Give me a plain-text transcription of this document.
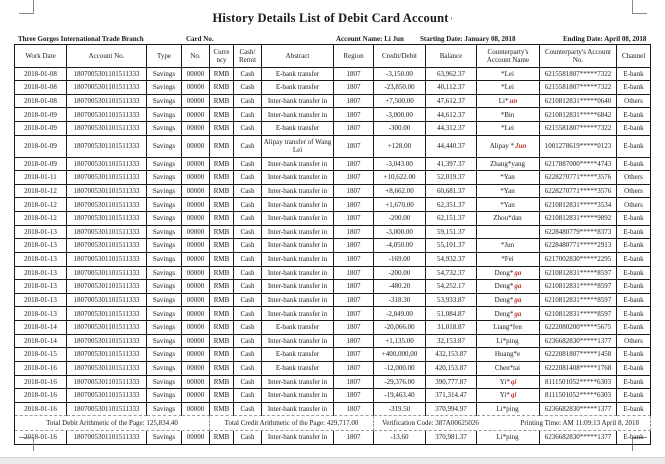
History Details List of Debit Card Account ı
Three Gorges International Trade Branch	Card No.	Account Name: Li Jun Starting Date: January 08, 2018	Ending Date: April 08, 2018
Work Date	Account No.	Type	No.	Curre ncy	Cash/ Remit	Abstract	Region	Credit/Debit	Balance	Counterparty's Account Name	Counterparty's Account No.	Channel ı
2018-01-08	1807005301101511333	Savings	00000	RMB	Cash	E-bank transfer	1807	-3,150.00	63,962.37	*Lei	6215581807*****7322	E-bank ı
2018-01-08	1807005301101511333	Savings	00000	RMB	Cash	E-bank transfer	1807	-23,850.00	40,112.37	*Lei	6215581807*****7322	E-bank ı
2018-01-08	1807005301101511333	Savings	00000	RMB	Cash	Inter-bank transfer in	1807	+7,500.00	47,612.37	Li*un	6210812831*****0640	Others ı
2018-01-09	1807005301101511333	Savings	00000	RMB	Cash	Inter-bank transfer in	1807	-3,000.00	44,612.37	*Bin	6210812831*****6842	E-bank ı
2018-01-09	1807005301101511333	Savings	00000	RMB	Cash	E-bank transfer	1807	-300.00	44,312.37	*Lei	6215581807*****7322	E-bank ı
2018-01-09	1807005301101511333	Savings	00000	RMB	Cash	Alipay transfer of Wang Lei	1807	+128.00	44,440.37	Alipay *Jun	1001278619*****0123	E-bank ı
2018-01-09	1807005301101511333	Savings	00000	RMB	Cash	Inter-bank transfer in	1807	-3,043.00	41,397.37	Zhang*yang	6217887000*****4743	E-bank ı
2018-01-11	1807005301101511333	Savings	00000	RMB	Cash	Inter-bank transfer in	1807	+10,622.00	52,019.37	*Yan	6228270771*****3576	Others ı
2018-01-12	1807005301101511333	Savings	00000	RMB	Cash	Inter-bank transfer in	1807	+8,662.00	60,681.37	*Yan	6228270771*****3576	Others ı
2018-01-12	1807005301101511333	Savings	00000	RMB	Cash	Inter-bank transfer in	1807	+1,670.00	62,351.37	*Yan	6210812831*****3534	Others ı
2018-01-12	1807005301101511333	Savings	00000	RMB	Cash	Inter-bank transfer in	1807	-200.00	62,151.37	Zhou*dan	6210812831*****9892	E-bank ı
2018-01-13	1807005301101511333	Savings	00000	RMB	Cash	Inter-bank transfer in	1807	-3,000.00	59,151.37		6228480779*****8373	E-bank ı
2018-01-13	1807005301101511333	Savings	00000	RMB	Cash	Inter-bank transfer in	1807	-4,050.00	55,101.37	*Jun	6228480771*****2913	E-bank ı
2018-01-13	1807005301101511333	Savings	00000	RMB	Cash	Inter-bank transfer in	1807	-169.00	54,932.37	*Fei	6217002830*****2295	E-bank ı
2018-01-13	1807005301101511333	Savings	00000	RMB	Cash	Inter-bank transfer in	1807	-200.00	54,732.37	Deng*ga	6210812831*****8597	E-bank ı
2018-01-13	1807005301101511333	Savings	00000	RMB	Cash	Inter-bank transfer in	1807	-480.20	54,252.17	Deng*ga	6210812831*****8597	E-bank ı
2018-01-13	1807005301101511333	Savings	00000	RMB	Cash	Inter-bank transfer in	1807	-318.30	53,933.87	Deng*ga	6210812831*****8597	E-bank ı
2018-01-13	1807005301101511333	Savings	00000	RMB	Cash	Inter-bank transfer in	1807	-2,849.00	51,084.87	Deng*ga	6210812831*****8597	E-bank ı
2018-01-14	1807005301101511333	Savings	00000	RMB	Cash	E-bank transfer	1807	-20,066.00	31,018.87	Liang*fen	6222080200*****5675	E-bank ı
2018-01-14	1807005301101511333	Savings	00000	RMB	Cash	Inter-bank transfer in	1807	+1,135.00	32,153.87	Li*ping	6236682830*****1377	Others ı
2018-01-15	1807005301101511333	Savings	00000	RMB	Cash	E-bank transfer	1807	+400,000,00	432,153.87	Huang*e	6222081807*****1458	E-bank ı
2018-01-16	1807005301101511333	Savings	00000	RMB	Cash	E-bank transfer	1807	-12,000.00	420,153.87	Chen*tai	6222081408*****1768	E-bank ı
2018-01-16	1807005301101511333	Savings	00000	RMB	Cash	Inter-bank transfer in	1807	-29,376.00	390,777.87	Yi*qi	8111501052*****6303	E-bank ı
2018-01-16	1807005301101511333	Savings	00000	RMB	Cash	Inter-bank transfer in	1807	-19,463.40	371,314.47	Yi*qi	8111501052*****6303	E-bank ı
2018-01-16	1807005301101511333	Savings	00000	RMB	Cash	Inter-bank transfer in	1807	-319.50	370,994.97	Li*ping	6236682830*****1377	E-bank ı
Total Debit Arithmetic of the Page: 125,834.40				Total Credit Arithmetic of the Page: 429,717.00				Verification Code: 387A00625026 Printing Time: AM 11:09:13 April 8, 2018				

2018-01-16	1807005301101511333	Savings	00000	RMB	Cash	Inter-bank transfer in	1807	-13.60	370,981.37	Li*ping	6236682830*****1377	E-bank ı
